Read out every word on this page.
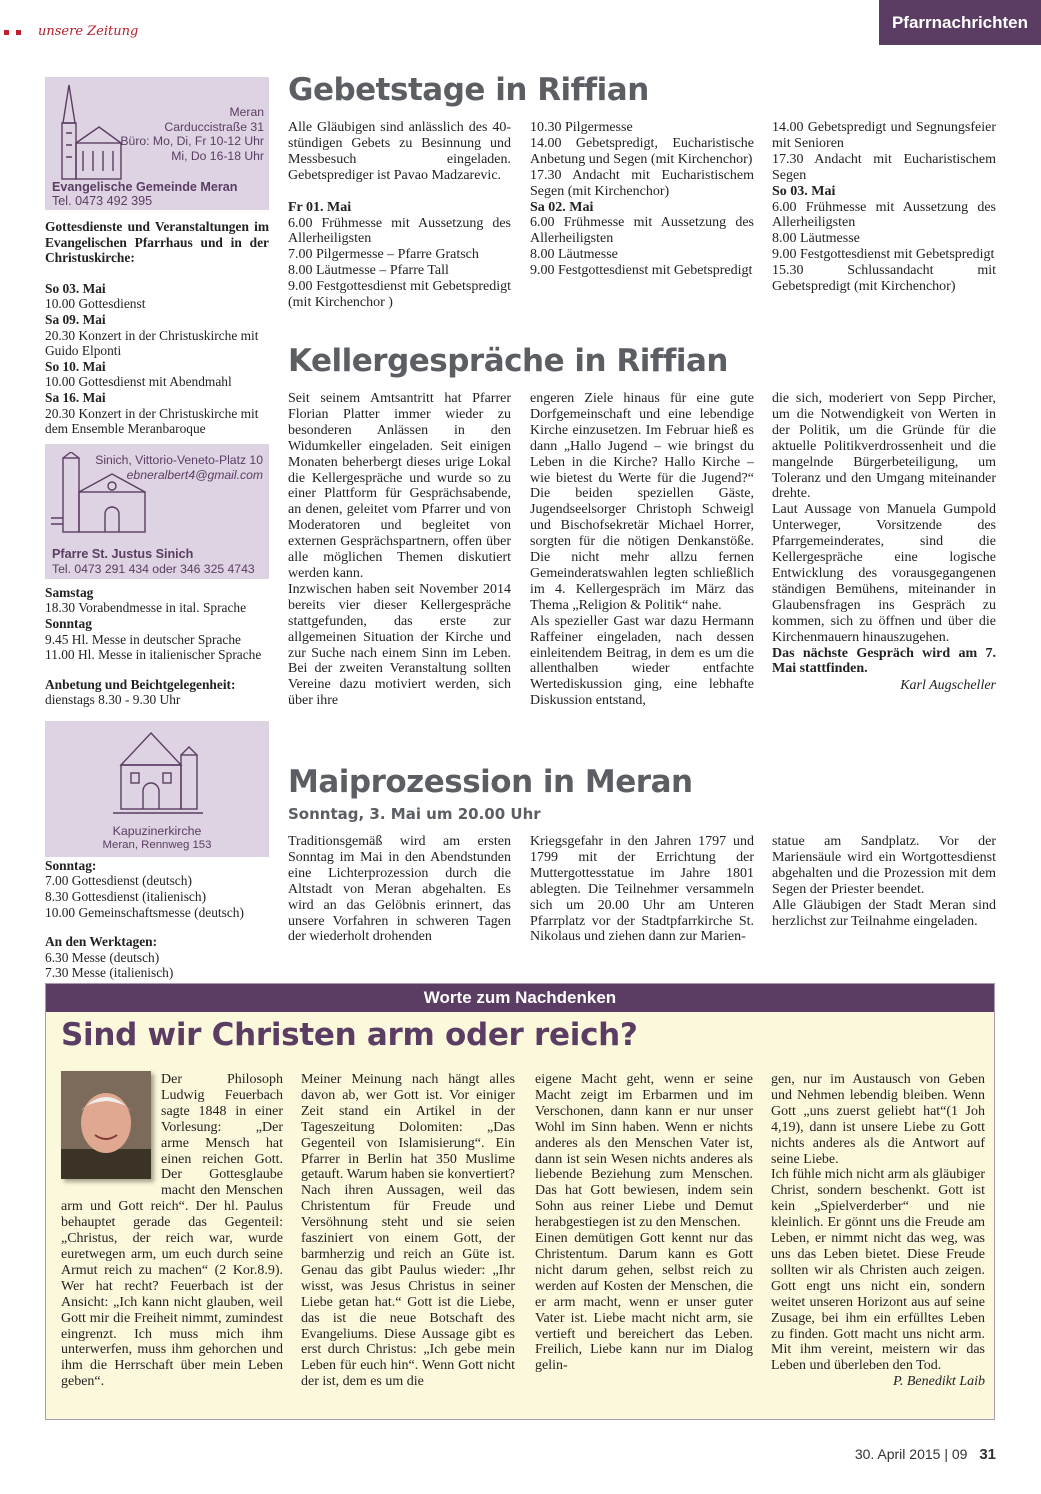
unsere Zeitung	Pfarrnachrichten
Meran
Carduccistraße 31
Büro: Mo, Di, Fr 10-12 Uhr
Mi, Do 16-18 Uhr
Evangelische Gemeinde Meran
Tel. 0473 492 395

Gottesdienste und Veranstaltungen im Evangelischen Pfarrhaus und in der Christuskirche:

So 03. Mai

10.00 Gottesdienst

Sa 09. Mai

20.30 Konzert in der Christuskirche mit Guido Elponti

So 10. Mai

10.00 Gottesdienst mit Abendmahl

Sa 16. Mai

20.30 Konzert in der Christuskirche mit dem Ensemble Meranbaroque

Sinich, Vittorio-Veneto-Platz 10
ebneralbert4@gmail.com
Pfarre St. Justus Sinich
Tel. 0473 291 434 oder 346 325 4743

Samstag

18.30 Vorabendmesse in ital. Sprache

Sonntag

9.45 Hl. Messe in deutscher Sprache

11.00 Hl. Messe in italienischer Sprache

Anbetung und Beichtgelegenheit:

dienstags 8.30 - 9.30 Uhr

Kapuzinerkirche
Meran, Rennweg 153

Sonntag:

7.00 Gottesdienst (deutsch)

8.30 Gottesdienst (italienisch)

10.00 Gemeinschaftsmesse (deutsch)

An den Werktagen:

6.30 Messe (deutsch)

7.30 Messe (italienisch)

Gebetstage in Riffian

Alle Gläubigen sind anlässlich des 40-stündigen Gebets zu Besinnung und Messbesuch eingeladen. Gebetsprediger ist Pavao Madzarevic.

Fr 01. Mai

6.00 Frühmesse mit Aussetzung des Allerheiligsten

7.00 Pilgermesse – Pfarre Gratsch

8.00 Läutmesse – Pfarre Tall

9.00 Festgottesdienst mit Gebetspredigt (mit Kirchenchor )

10.30 Pilgermesse

14.00 Gebetspredigt, Eucharistische Anbetung und Segen (mit Kirchenchor)

17.30 Andacht mit Eucharistischem Segen (mit Kirchenchor)

Sa 02. Mai

6.00 Frühmesse mit Aussetzung des Allerheiligsten

8.00 Läutmesse

9.00 Festgottesdienst mit Gebetspredigt

14.00 Gebetspredigt und Segnungsfeier mit Senioren

17.30 Andacht mit Eucharistischem Segen

So 03. Mai

6.00 Frühmesse mit Aussetzung des Allerheiligsten

8.00 Läutmesse

9.00 Festgottesdienst mit Gebetspredigt

15.30 Schlussandacht mit Gebetspredigt (mit Kirchenchor)

Kellergespräche in Riffian

Seit seinem Amtsantritt hat Pfarrer Florian Platter immer wieder zu besonderen Anlässen in den Widumkeller eingeladen. Seit einigen Monaten beherbergt dieses urige Lokal die Kellergespräche und wurde so zu einer Plattform für Gesprächsabende, an denen, geleitet vom Pfarrer und von Moderatoren und begleitet von externen Gesprächspartnern, offen über alle möglichen Themen diskutiert werden kann.

Inzwischen haben seit November 2014 bereits vier dieser Kellergespräche stattgefunden, das erste zur allgemeinen Situation der Kirche und zur Suche nach einem Sinn im Leben. Bei der zweiten Veranstaltung sollten Vereine dazu motiviert werden, sich über ihre

engeren Ziele hinaus für eine gute Dorfgemeinschaft und eine lebendige Kirche einzusetzen. Im Februar hieß es dann „Hallo Jugend – wie bringst du Leben in die Kirche? Hallo Kirche – wie bietest du Werte für die Jugend?“ Die beiden speziellen Gäste, Jugendseelsorger Christoph Schweigl und Bischofsekretär Michael Horrer, sorgten für die nötigen Denkanstöße. Die nicht mehr allzu fernen Gemeinderatswahlen legten schließlich im 4. Kellergespräch im März das Thema „Religion & Politik“ nahe.

Als spezieller Gast war dazu Hermann Raffeiner eingeladen, nach dessen einleitendem Beitrag, in dem es um die allenthalben wieder entfachte Wertediskussion ging, eine lebhafte Diskussion entstand,

die sich, moderiert von Sepp Pircher, um die Notwendigkeit von Werten in der Politik, um die Gründe für die aktuelle Politikverdrossenheit und die mangelnde Bürgerbeteiligung, um Toleranz und den Umgang miteinander drehte.

Laut Aussage von Manuela Gumpold Unterweger, Vorsitzende des Pfarrgemeinderates, sind die Kellergespräche eine logische Entwicklung des vorausgegangenen ständigen Bemühens, miteinander in Glaubensfragen ins Gespräch zu kommen, sich zu öffnen und über die Kirchenmauern hinauszugehen.

Das nächste Gespräch wird am 7. Mai stattfinden.

Karl Augscheller

Maiprozession in Meran
Sonntag, 3. Mai um 20.00 Uhr

Traditionsgemäß wird am ersten Sonntag im Mai in den Abendstunden eine Lichterprozession durch die Altstadt von Meran abgehalten. Es wird an das Gelöbnis erinnert, das unsere Vorfahren in schweren Tagen der wiederholt drohenden

Kriegsgefahr in den Jahren 1797 und 1799 mit der Errichtung der Muttergottesstatue im Jahre 1801 ablegten. Die Teilnehmer versammeln sich um 20.00 Uhr am Unteren Pfarrplatz vor der Stadtpfarrkirche St. Nikolaus und ziehen dann zur Marien-

statue am Sandplatz. Vor der Mariensäule wird ein Wortgottesdienst abgehalten und die Prozession mit dem Segen der Priester beendet.

Alle Gläubigen der Stadt Meran sind herzlichst zur Teilnahme eingeladen.

Worte zum Nachdenken
Sind wir Christen arm oder reich?

Der Philosoph Ludwig Feuerbach sagte 1848 in einer Vorlesung: „Der arme Mensch hat einen reichen Gott. Der Gottesglaube macht den Menschen arm und Gott reich“. Der hl. Paulus behauptet gerade das Gegenteil: „Christus, der reich war, wurde euretwegen arm, um euch durch seine Armut reich zu machen“ (2 Kor.8.9). Wer hat recht? Feuerbach ist der Ansicht: „Ich kann nicht glauben, weil Gott mir die Freiheit nimmt, zumindest eingrenzt. Ich muss mich ihm unterwerfen, muss ihm gehorchen und ihm die Herrschaft über mein Leben geben“.

Meiner Meinung nach hängt alles davon ab, wer Gott ist. Vor einiger Zeit stand ein Artikel in der Tageszeitung Dolomiten: „Das Gegenteil von Islamisierung“. Ein Pfarrer in Berlin hat 350 Muslime getauft. Warum haben sie konvertiert? Nach ihren Aussagen, weil das Christentum für Freude und Versöhnung steht und sie seien fasziniert von einem Gott, der barmherzig und reich an Güte ist. Genau das gibt Paulus wieder: „Ihr wisst, was Jesus Christus in seiner Liebe getan hat.“ Gott ist die Liebe, das ist die neue Botschaft des Evangeliums. Diese Aussage gibt es erst durch Christus: „Ich gebe mein Leben für euch hin“. Wenn Gott nicht der ist, dem es um die

eigene Macht geht, wenn er seine Macht zeigt im Erbarmen und im Verschonen, dann kann er nur unser Wohl im Sinn haben. Wenn er nichts anderes als den Menschen Vater ist, dann ist sein Wesen nichts anderes als liebende Beziehung zum Menschen. Das hat Gott bewiesen, indem sein Sohn aus reiner Liebe und Demut herabgestiegen ist zu den Menschen.

Einen demütigen Gott kennt nur das Christentum. Darum kann es Gott nicht darum gehen, selbst reich zu werden auf Kosten der Menschen, die er arm macht, wenn er unser guter Vater ist. Liebe macht nicht arm, sie vertieft und bereichert das Leben. Freilich, Liebe kann nur im Dialog gelin-

gen, nur im Austausch von Geben und Nehmen lebendig bleiben. Wenn Gott „uns zuerst geliebt hat“(1 Joh 4,19), dann ist unsere Liebe zu Gott nichts anderes als die Antwort auf seine Liebe.

Ich fühle mich nicht arm als gläubiger Christ, sondern beschenkt. Gott ist kein „Spielverderber“ und nie kleinlich. Er gönnt uns die Freude am Leben, er nimmt nicht das weg, was uns das Leben bietet. Diese Freude sollten wir als Christen auch zeigen. Gott engt uns nicht ein, sondern weitet unseren Horizont aus auf seine Zusage, bei ihm ein erfülltes Leben zu finden. Gott macht uns nicht arm. Mit ihm vereint, meistern wir das Leben und überleben den Tod.

P. Benedikt Laib

30. April 2015 | 09 31
